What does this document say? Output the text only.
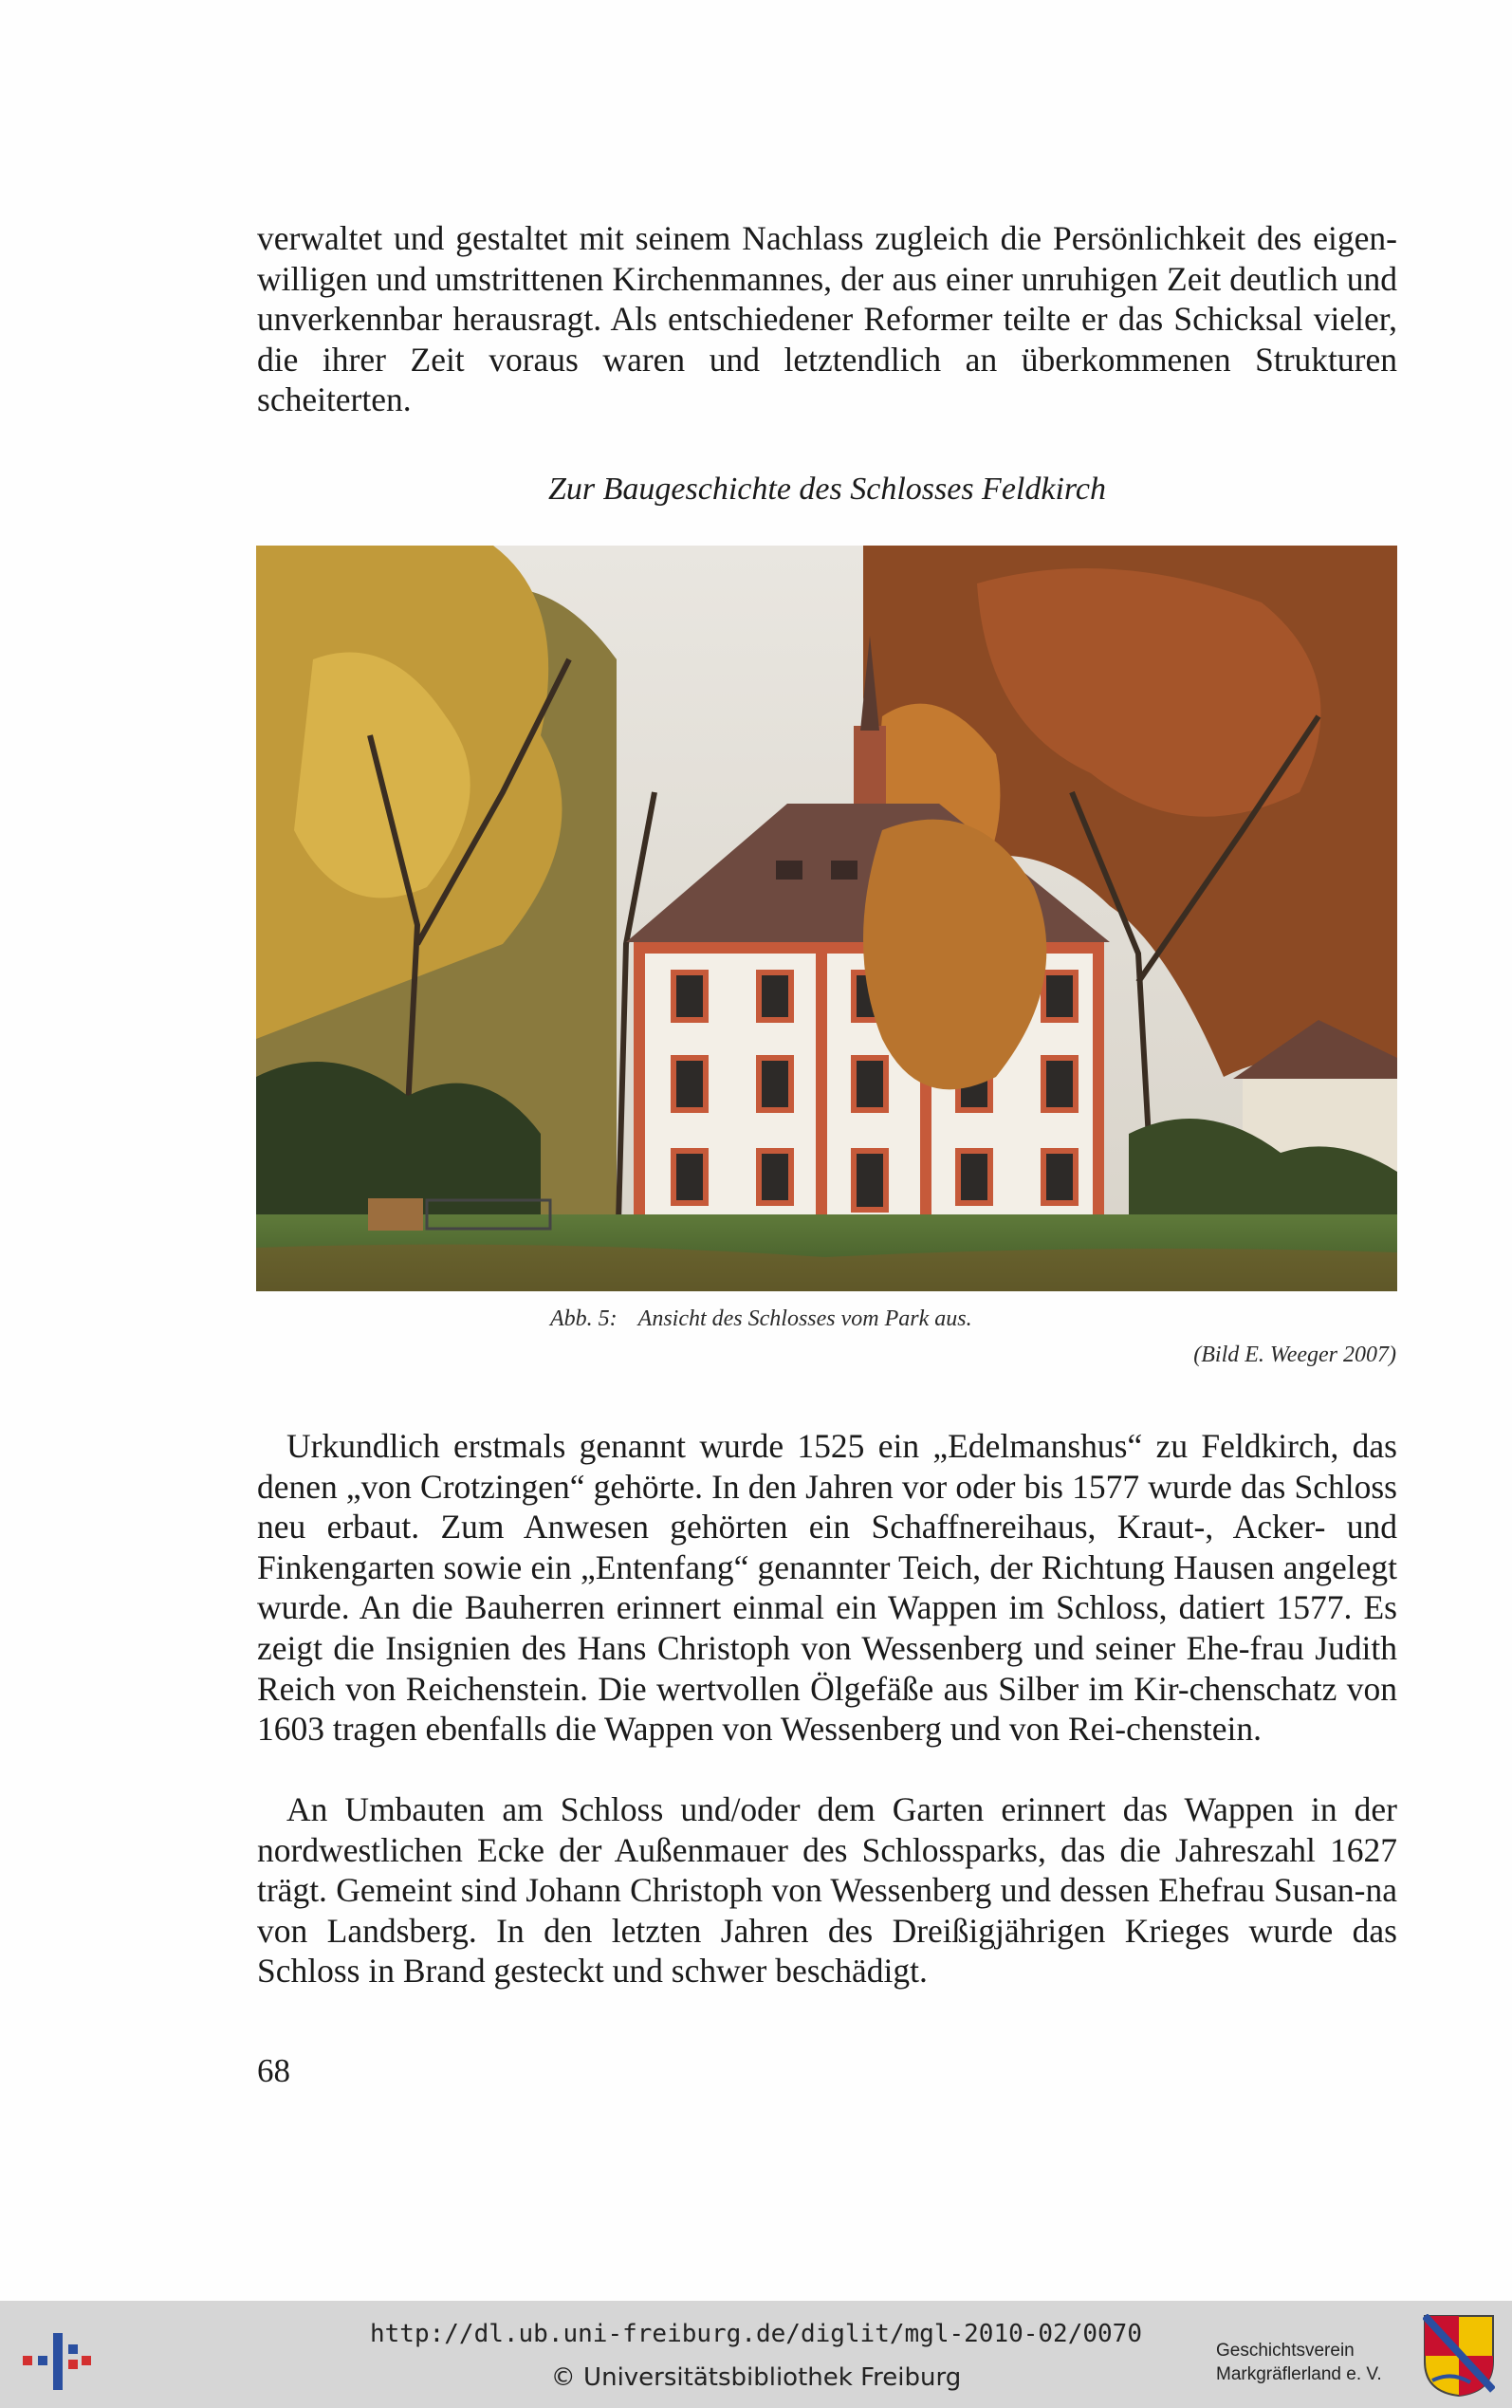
verwaltet und gestaltet mit seinem Nachlass zugleich die Persönlichkeit des eigen-willigen und umstrittenen Kirchenmannes, der aus einer unruhigen Zeit deutlich und unverkennbar herausragt. Als entschiedener Reformer teilte er das Schicksal vieler, die ihrer Zeit voraus waren und letztendlich an überkommenen Strukturen scheiterten.

Zur Baugeschichte des Schlosses Feldkirch

Abb. 5: Ansicht des Schlosses vom Park aus.

(Bild E. Weeger 2007)

Urkundlich erstmals genannt wurde 1525 ein „Edelmanshus“ zu Feldkirch, das denen „von Crotzingen“ gehörte. In den Jahren vor oder bis 1577 wurde das Schloss neu erbaut. Zum Anwesen gehörten ein Schaffnereihaus, Kraut-, Acker- und Finkengarten sowie ein „Entenfang“ genannter Teich, der Richtung Hausen angelegt wurde. An die Bauherren erinnert einmal ein Wappen im Schloss, datiert 1577. Es zeigt die Insignien des Hans Christoph von Wessenberg und seiner Ehe-frau Judith Reich von Reichenstein. Die wertvollen Ölgefäße aus Silber im Kir-chenschatz von 1603 tragen ebenfalls die Wappen von Wessenberg und von Rei-chenstein.

An Umbauten am Schloss und/oder dem Garten erinnert das Wappen in der nordwestlichen Ecke der Außenmauer des Schlossparks, das die Jahreszahl 1627 trägt. Gemeint sind Johann Christoph von Wessenberg und dessen Ehefrau Susan-na von Landsberg. In den letzten Jahren des Dreißigjährigen Krieges wurde das Schloss in Brand gesteckt und schwer beschädigt.

68

http://dl.ub.uni-freiburg.de/diglit/mgl-2010-02/0070
© Universitätsbibliothek Freiburg
Geschichtsverein
Markgräflerland e. V.
